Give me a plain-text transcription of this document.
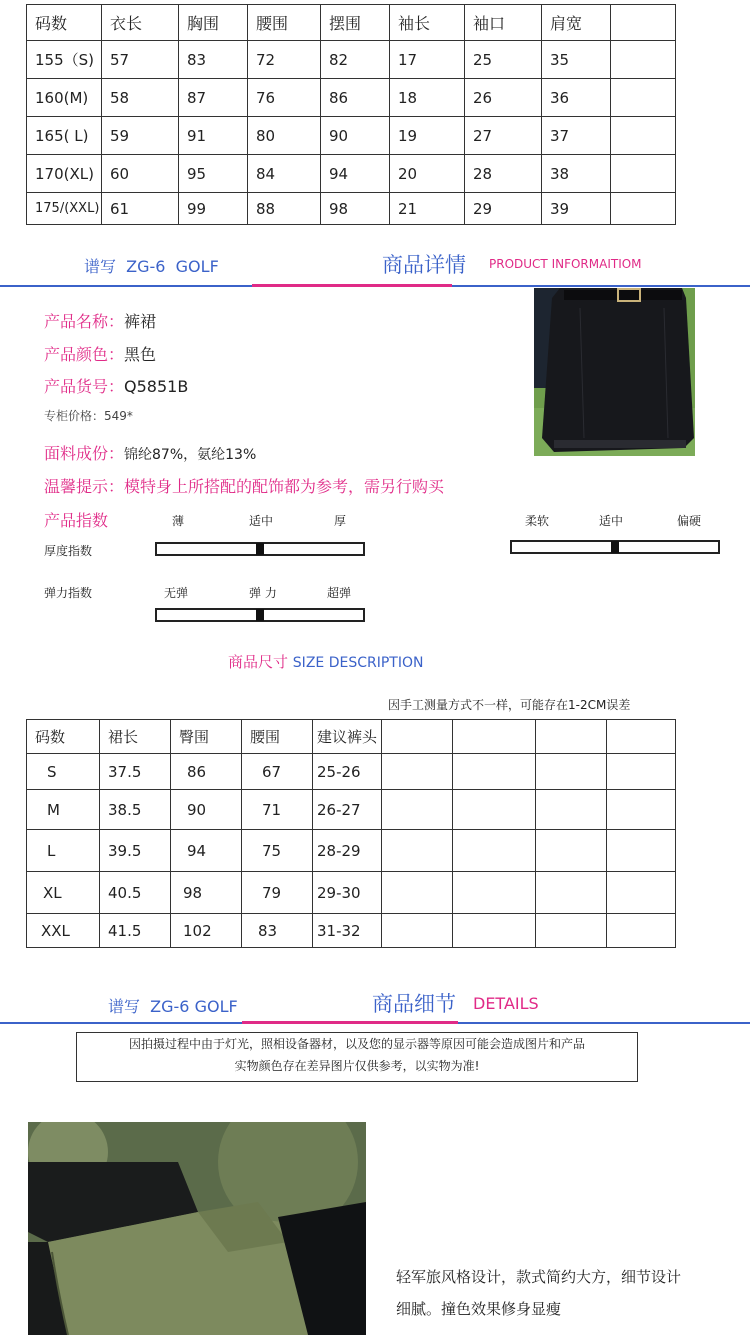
码数	衣长	胸围	腰围	摆围	袖长	袖口	肩宽	
155（S)	57	83	72	82	17	25	35	
160(M)	58	87	76	86	18	26	36	
165( L)	59	91	80	90	19	27	37	
170(XL)	60	95	84	94	20	28	38	
175/(XXL)	61	99	88	98	21	29	39	
谱写  ZG-6  GOLF	商品详情 PRODUCT INFORMAITIOM
产品名称：裤裙
产品颜色：黑色
产品货号：Q5851B
专柜价格：549*
面料成份：锦纶87%，氨纶13%
温馨提示：模特身上所搭配的配饰都为参考，需另行购买
产品指数	薄	适中	厚	柔软	适中	偏硬
厚度指数
弹力指数	无弹	弹 力	超弹
商品尺寸 SIZE DESCRIPTION
因手工测量方式不一样，可能存在1-2CM误差
码数	裙长	臀围	腰围	建议裤头				
S	37.5	86	67	25-26				
M	38.5	90	71	26-27				
L	39.5	94	75	28-29				
XL	40.5	98	79	29-30				
XXL	41.5	102	83	31-32				
谱写  ZG-6 GOLF	商品细节 DETAILS
因拍摄过程中由于灯光，照相设备器材，以及您的显示器等原因可能会造成图片和产品
实物颜色存在差异图片仅供参考，以实物为准!
轻军旅风格设计，款式简约大方，细节设计
细腻。撞色效果修身显瘦
